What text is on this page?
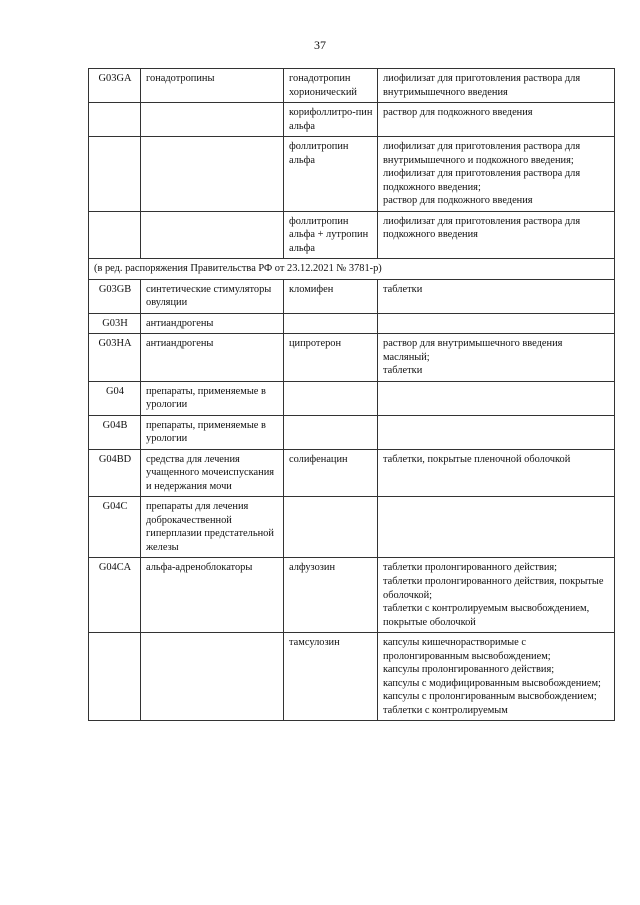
37
G03GA	гонадотропины	гонадотропин хорионический	лиофилизат для приготовления раствора для внутримышечного введения
		корифоллитро-пин альфа	раствор для подкожного введения
		фоллитропин альфа	лиофилизат для приготовления раствора для внутримышечного и подкожного введения;
лиофилизат для приготовления раствора для подкожного введения;
раствор для подкожного введения
		фоллитропин альфа + лутропин альфа	лиофилизат для приготовления раствора для подкожного введения
(в ред. распоряжения Правительства РФ от 23.12.2021 № 3781-р)			
G03GB	синтетические стимуляторы овуляции	кломифен	таблетки
G03H	антиандрогены		
G03HA	антиандрогены	ципротерон	раствор для внутримышечного введения масляный;
таблетки
G04	препараты, применяемые в урологии		
G04B	препараты, применяемые в урологии		
G04BD	средства для лечения учащенного мочеиспускания и недержания мочи	солифенацин	таблетки, покрытые пленочной оболочкой
G04C	препараты для лечения доброкачественной гиперплазии предстательной железы		
G04CA	альфа-адреноблокаторы	алфузозин	таблетки пролонгированного действия;
таблетки пролонгированного действия, покрытые оболочкой;
таблетки с контролируемым высвобождением, покрытые оболочкой
		тамсулозин	капсулы кишечнорастворимые с пролонгированным высвобождением;
капсулы пролонгированного действия;
капсулы с модифицированным высвобождением;
капсулы с пролонгированным высвобождением;
таблетки с контролируемым
